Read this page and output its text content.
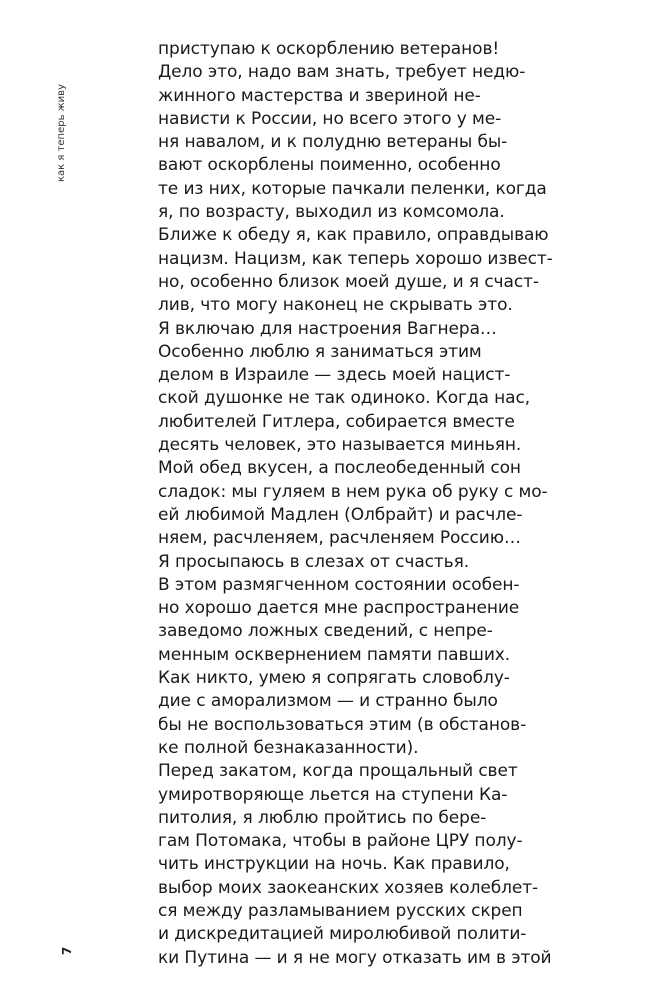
как я теперь живу
7
приступаю к оскорблению ветеранов!
Дело это, надо вам знать, требует недю-
жинного мастерства и звериной не-
нависти к России, но всего этого у ме-
ня навалом, и к полудню ветераны бы-
вают оскорблены поименно, особенно
те из них, которые пачкали пеленки, когда
я, по возрасту, выходил из комсомола.
Ближе к обеду я, как правило, оправдываю
нацизм. Нацизм, как теперь хорошо извест-
но, особенно близок моей душе, и я счаст-
лив, что могу наконец не скрывать это.
Я включаю для настроения Вагнера…
Особенно люблю я заниматься этим
делом в Израиле — здесь моей нацист-
ской душонке не так одиноко. Когда нас,
любителей Гитлера, собирается вместе
десять человек, это называется миньян.
Мой обед вкусен, а послеобеденный сон
сладок: мы гуляем в нем рука об руку с мо-
ей любимой Мадлен (Олбрайт) и расчле-
няем, расчленяем, расчленяем Россию…
Я просыпаюсь в слезах от счастья.
В этом размягченном состоянии особен-
но хорошо дается мне распространение
заведомо ложных сведений, с непре-
менным осквернением памяти павших.
Как никто, умею я сопрягать словоблу-
дие с аморализмом — и странно было
бы не воспользоваться этим (в обстанов-
ке полной безнаказанности).
Перед закатом, когда прощальный свет
умиротворяюще льется на ступени Ка-
питолия, я люблю пройтись по бере-
гам Потомака, чтобы в районе ЦРУ полу-
чить инструкции на ночь. Как правило,
выбор моих заокеанских хозяев колеблет-
ся между разламыванием русских скреп
и дискредитацией миролюбивой полити-
ки Путина — и я не могу отказать им в этой
